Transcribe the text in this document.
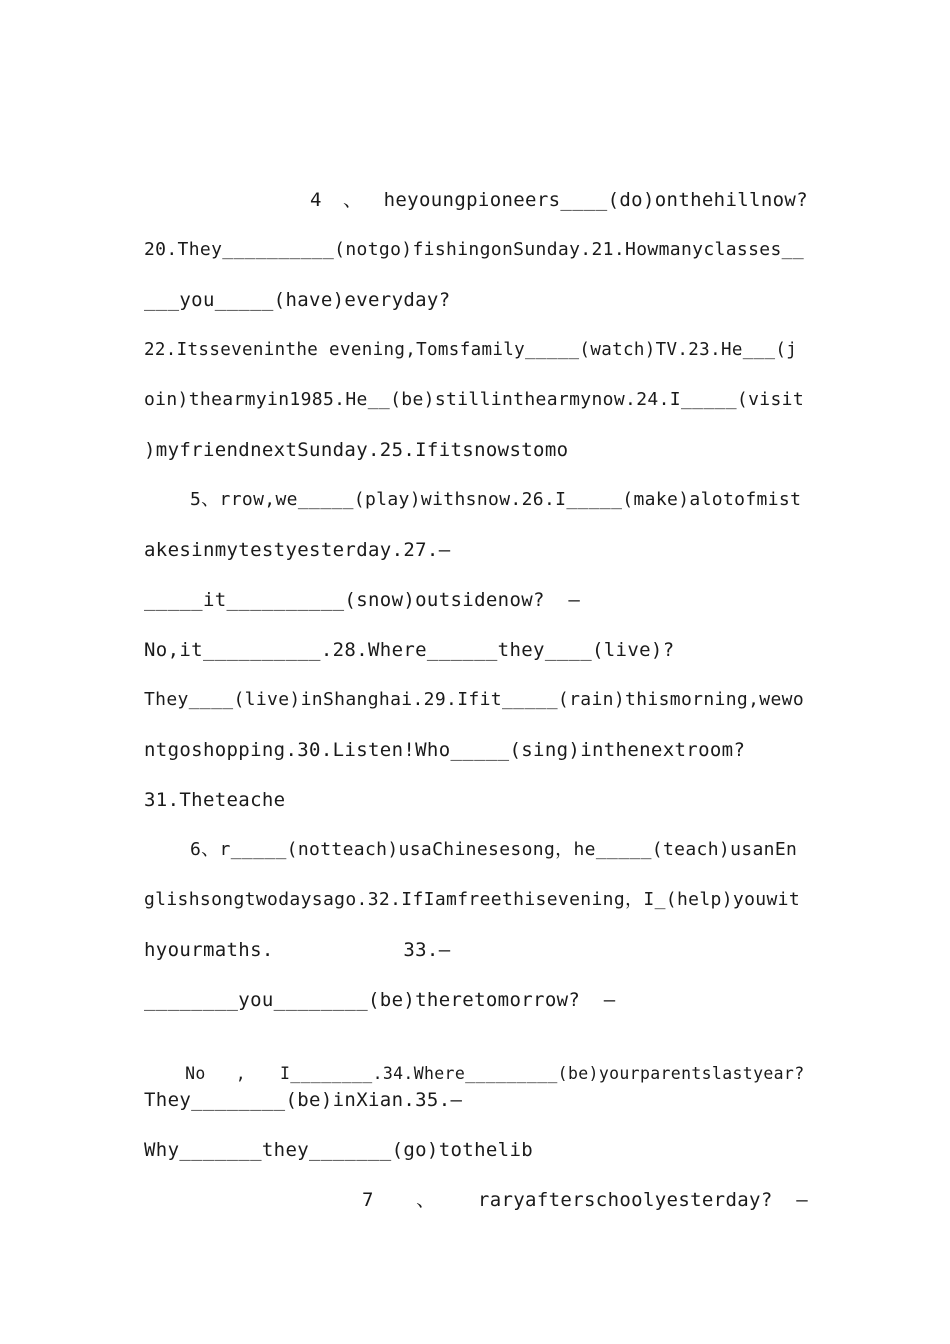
4 、 heyoungpioneers____(do)onthehillnow?
20.They__________(notgo)fishingonSunday.21.Howmanyclasses__
___you_____(have)everyday?
22.Itsseveninthe evening,Tomsfamily_____(watch)TV.23.He___(j
oin)thearmyin1985.He__(be)stillinthearmynow.24.I_____(visit
)myfriendnextSunday.25.Ifitsnowstomo
5、rrow,we_____(play)withsnow.26.I_____(make)alotofmist
akesinmytestyesterday.27.—
_____it__________(snow)outsidenow?  —
No,it__________.28.Where______they____(live)?
They____(live)inShanghai.29.Ifit_____(rain)thismorning,wewo
ntgoshopping.30.Listen!Who_____(sing)inthenextroom?
31.Theteache
6、r_____(notteach)usaChinesesong，he_____(teach)usanEn
glishsongtwodaysago.32.IfIamfreethisevening，I_(help)youwit
hyourmaths.           33.—
________you________(be)theretomorrow?  —

No , I________.34.Where_________(be)yourparentslastyear?

They________(be)inXian.35.—
Why_______they_______(go)tothelib
7 、 raryafterschoolyesterday?  —
